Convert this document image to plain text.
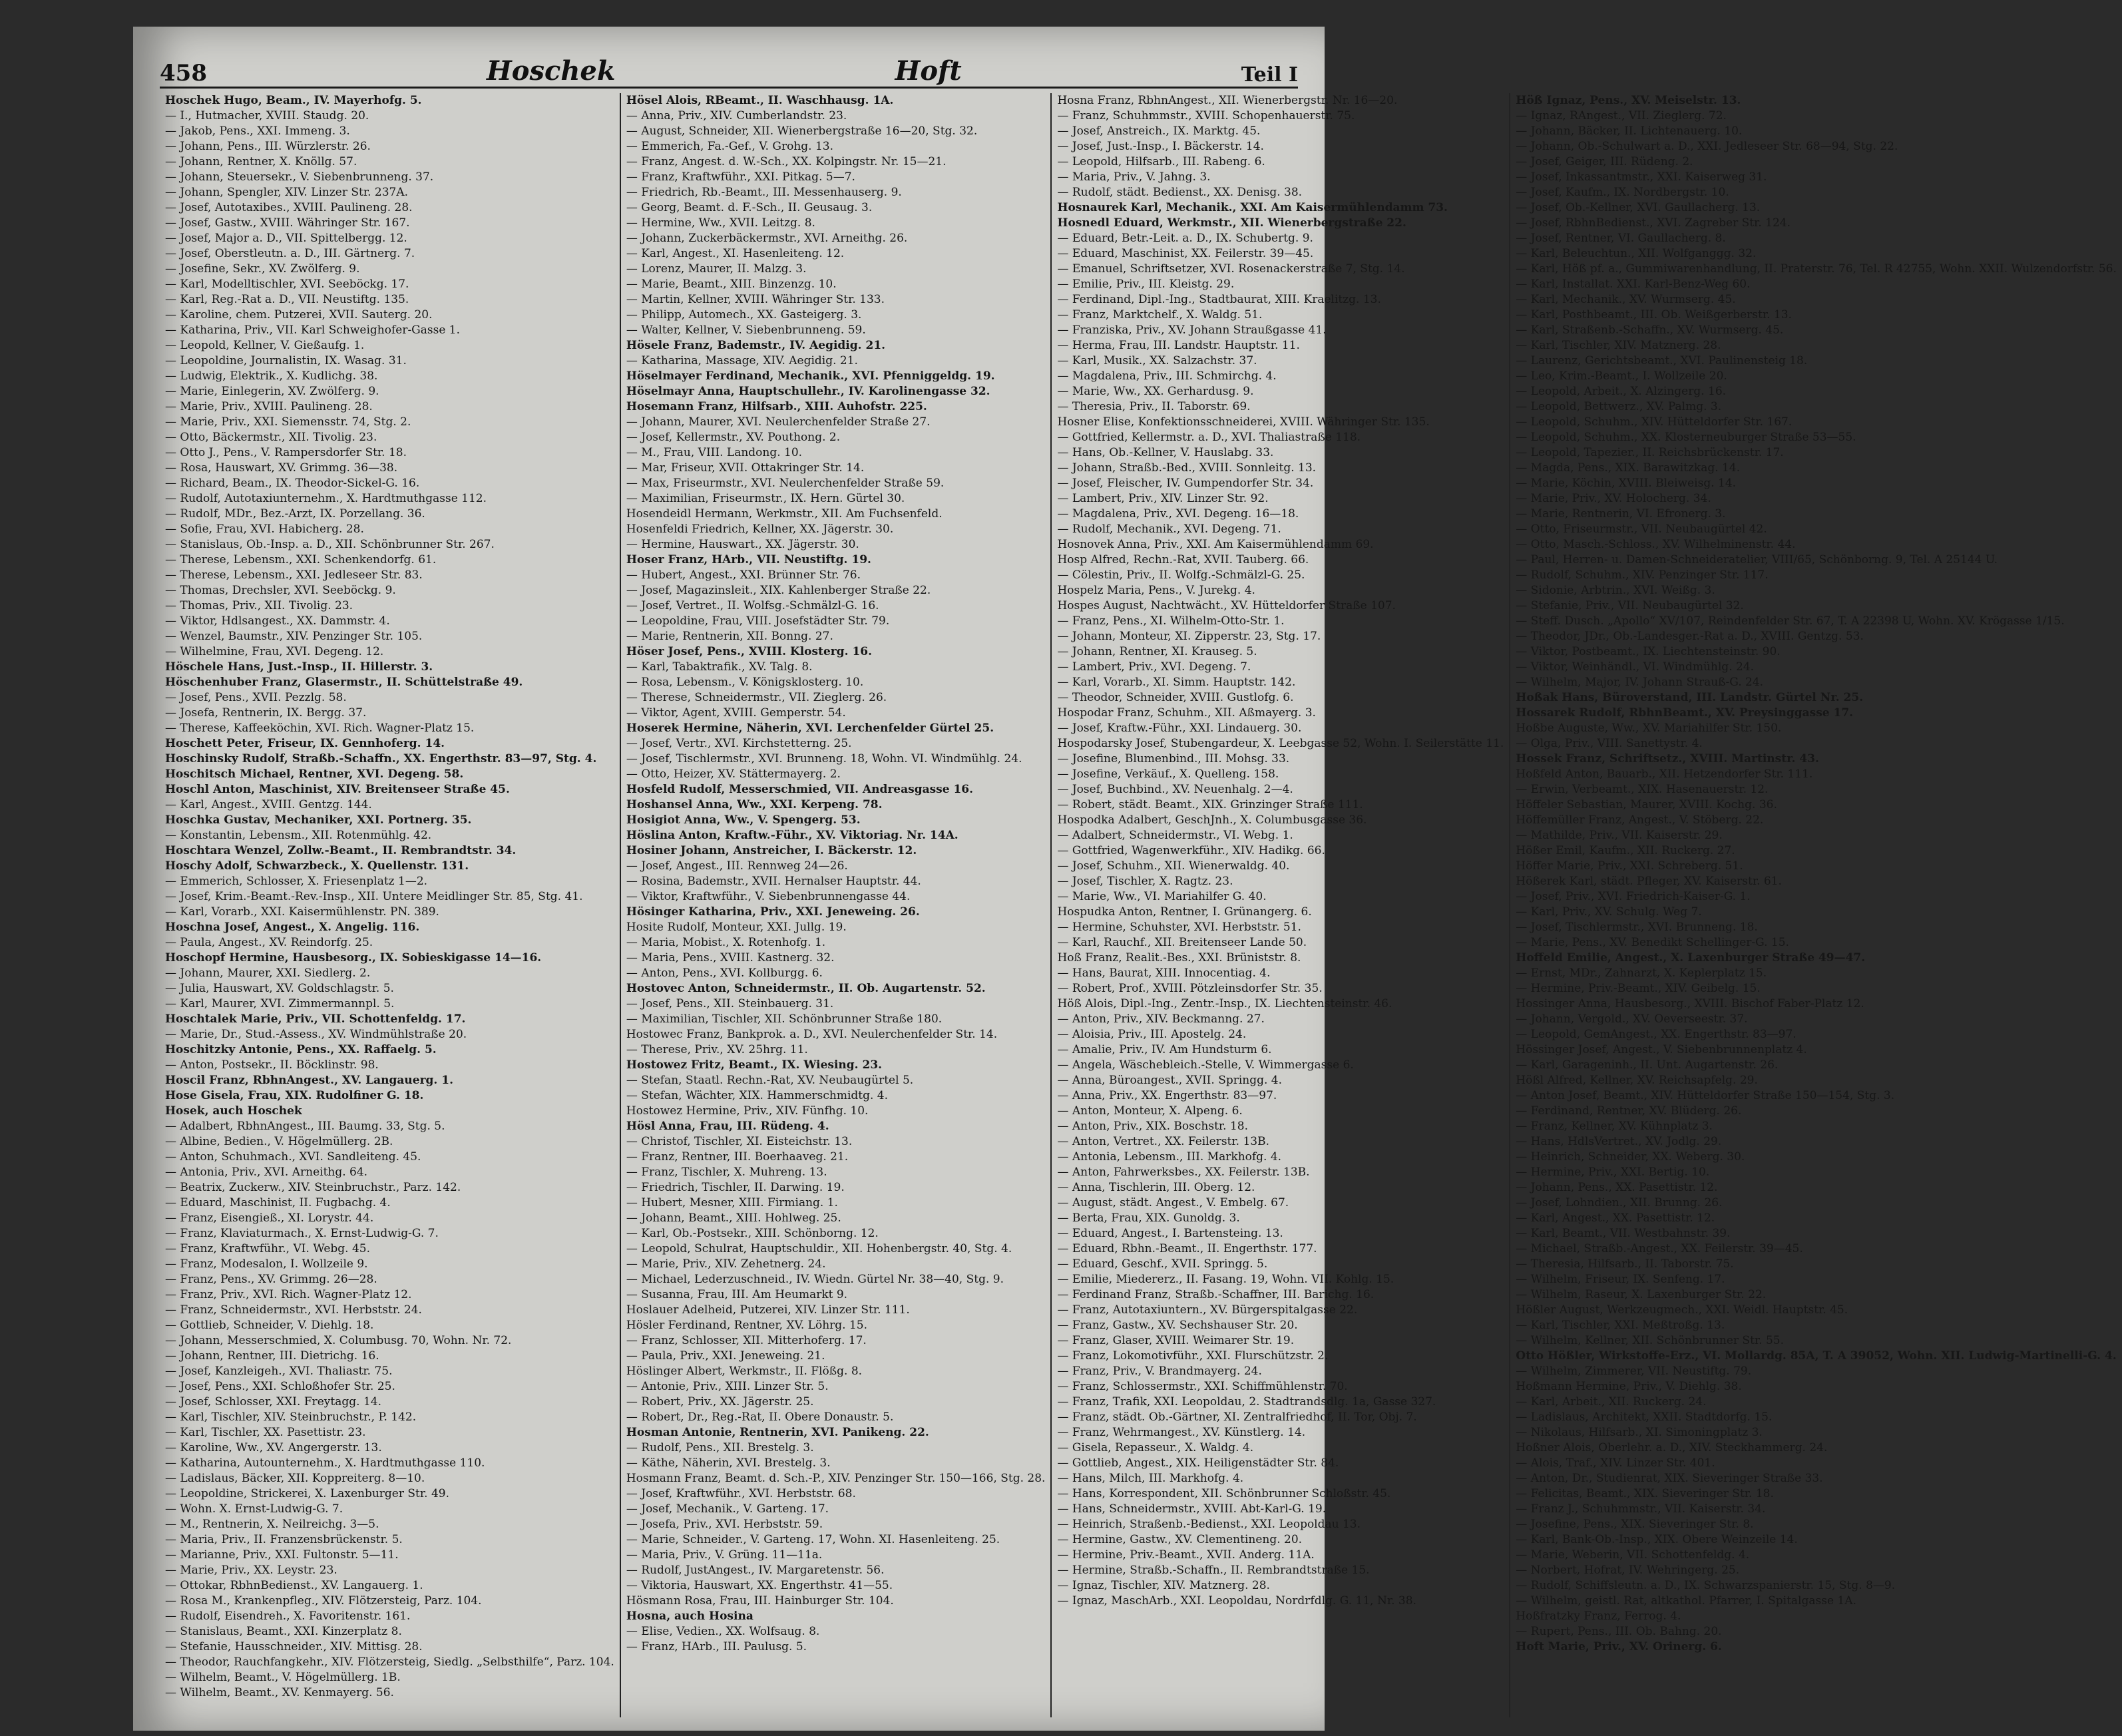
458	Hoschek	Hoft	Teil I
Hoschek Hugo, Beam., IV. Mayerhofg. 5.
— I., Hutmacher, XVIII. Staudg. 20.
— Jakob, Pens., XXI. Immeng. 3.
— Johann, Pens., III. Würzlerstr. 26.
— Johann, Rentner, X. Knöllg. 57.
— Johann, Steuersekr., V. Siebenbrunneng. 37.
— Johann, Spengler, XIV. Linzer Str. 237A.
— Josef, Autotaxibes., XVIII. Paulineng. 28.
— Josef, Gastw., XVIII. Währinger Str. 167.
— Josef, Major a. D., VII. Spittelbergg. 12.
— Josef, Oberstleutn. a. D., III. Gärtnerg. 7.
— Josefine, Sekr., XV. Zwölferg. 9.
— Karl, Modelltischler, XVI. Seeböckg. 17.
— Karl, Reg.-Rat a. D., VII. Neustiftg. 135.
— Karoline, chem. Putzerei, XVII. Sauterg. 20.
— Katharina, Priv., VII. Karl Schweighofer-Gasse 1.
— Leopold, Kellner, V. Gießaufg. 1.
— Leopoldine, Journalistin, IX. Wasag. 31.
— Ludwig, Elektrik., X. Kudlichg. 38.
— Marie, Einlegerin, XV. Zwölferg. 9.
— Marie, Priv., XVIII. Paulineng. 28.
— Marie, Priv., XXI. Siemensstr. 74, Stg. 2.
— Otto, Bäckermstr., XII. Tivolig. 23.
— Otto J., Pens., V. Rampersdorfer Str. 18.
— Rosa, Hauswart, XV. Grimmg. 36—38.
— Richard, Beam., IX. Theodor-Sickel-G. 16.
— Rudolf, Autotaxiunternehm., X. Hardtmuthgasse 112.
— Rudolf, MDr., Bez.-Arzt, IX. Porzellang. 36.
— Sofie, Frau, XVI. Habicherg. 28.
— Stanislaus, Ob.-Insp. a. D., XII. Schönbrunner Str. 267.
— Therese, Lebensm., XXI. Schenkendorfg. 61.
— Therese, Lebensm., XXI. Jedleseer Str. 83.
— Thomas, Drechsler, XVI. Seeböckg. 9.
— Thomas, Priv., XII. Tivolig. 23.
— Viktor, Hdlsangest., XX. Dammstr. 4.
— Wenzel, Baumstr., XIV. Penzinger Str. 105.
— Wilhelmine, Frau, XVI. Degeng. 12.
Höschele Hans, Just.-Insp., II. Hillerstr. 3.
Höschenhuber Franz, Glasermstr., II. Schüttelstraße 49.
— Josef, Pens., XVII. Pezzlg. 58.
— Josefa, Rentnerin, IX. Bergg. 37.
— Therese, Kaffeeköchin, XVI. Rich. Wagner-Platz 15.
Hoschett Peter, Friseur, IX. Gennhoferg. 14.
Hoschinsky Rudolf, Straßb.-Schaffn., XX. Engerthstr. 83—97, Stg. 4.
Hoschitsch Michael, Rentner, XVI. Degeng. 58.
Hoschl Anton, Maschinist, XIV. Breitenseer Straße 45.
— Karl, Angest., XVIII. Gentzg. 144.
Hoschka Gustav, Mechaniker, XXI. Portnerg. 35.
— Konstantin, Lebensm., XII. Rotenmühlg. 42.
Hoschtara Wenzel, Zollw.-Beamt., II. Rembrandtstr. 34.
Hoschy Adolf, Schwarzbeck., X. Quellenstr. 131.
— Emmerich, Schlosser, X. Friesenplatz 1—2.
— Josef, Krim.-Beamt.-Rev.-Insp., XII. Untere Meidlinger Str. 85, Stg. 41.
— Karl, Vorarb., XXI. Kaisermühlenstr. PN. 389.
Hoschna Josef, Angest., X. Angelig. 116.
— Paula, Angest., XV. Reindorfg. 25.
Hoschopf Hermine, Hausbesorg., IX. Sobieskigasse 14—16.
— Johann, Maurer, XXI. Siedlerg. 2.
— Julia, Hauswart, XV. Goldschlagstr. 5.
— Karl, Maurer, XVI. Zimmermannpl. 5.
Hoschtalek Marie, Priv., VII. Schottenfeldg. 17.
— Marie, Dr., Stud.-Assess., XV. Windmühlstraße 20.
Hoschitzky Antonie, Pens., XX. Raffaelg. 5.
— Anton, Postsekr., II. Böcklinstr. 98.
Hoscil Franz, RbhnAngest., XV. Langauerg. 1.
Hose Gisela, Frau, XIX. Rudolfiner G. 18.
Hosek, auch Hoschek
— Adalbert, RbhnAngest., III. Baumg. 33, Stg. 5.
— Albine, Bedien., V. Högelmüllerg. 2B.
— Anton, Schuhmach., XVI. Sandleiteng. 45.
— Antonia, Priv., XVI. Arneithg. 64.
— Beatrix, Zuckerw., XIV. Steinbruchstr., Parz. 142.
— Eduard, Maschinist, II. Fugbachg. 4.
— Franz, Eisengieß., XI. Lorystr. 44.
— Franz, Klaviaturmach., X. Ernst-Ludwig-G. 7.
— Franz, Kraftwführ., VI. Webg. 45.
— Franz, Modesalon, I. Wollzeile 9.
— Franz, Pens., XV. Grimmg. 26—28.
— Franz, Priv., XVI. Rich. Wagner-Platz 12.
— Franz, Schneidermstr., XVI. Herbststr. 24.
— Gottlieb, Schneider, V. Diehlg. 18.
— Johann, Messerschmied, X. Columbusg. 70, Wohn. Nr. 72.
— Johann, Rentner, III. Dietrichg. 16.
— Josef, Kanzleigeh., XVI. Thaliastr. 75.
— Josef, Pens., XXI. Schloßhofer Str. 25.
— Josef, Schlosser, XXI. Freytagg. 14.
— Karl, Tischler, XIV. Steinbruchstr., P. 142.
— Karl, Tischler, XX. Pasettistr. 23.
— Karoline, Ww., XV. Angergerstr. 13.
— Katharina, Autounternehm., X. Hardtmuthgasse 110.
— Ladislaus, Bäcker, XII. Koppreiterg. 8—10.
— Leopoldine, Strickerei, X. Laxenburger Str. 49.
— Wohn. X. Ernst-Ludwig-G. 7.
— M., Rentnerin, X. Neilreichg. 3—5.
— Maria, Priv., II. Franzensbrückenstr. 5.
— Marianne, Priv., XXI. Fultonstr. 5—11.
— Marie, Priv., XX. Leystr. 23.
— Ottokar, RbhnBedienst., XV. Langauerg. 1.
— Rosa M., Krankenpfleg., XIV. Flötzersteig, Parz. 104.
— Rudolf, Eisendreh., X. Favoritenstr. 161.
— Stanislaus, Beamt., XXI. Kinzerplatz 8.
— Stefanie, Hausschneider., XIV. Mittisg. 28.
— Theodor, Rauchfangkehr., XIV. Flötzersteig, Siedlg. „Selbsthilfe“, Parz. 104.
— Wilhelm, Beamt., V. Högelmüllerg. 1B.
— Wilhelm, Beamt., XV. Kenmayerg. 56.
Hösel Alois, RBeamt., II. Waschhausg. 1A.
— Anna, Priv., XIV. Cumberlandstr. 23.
— August, Schneider, XII. Wienerbergstraße 16—20, Stg. 32.
— Emmerich, Fa.-Gef., V. Grohg. 13.
— Franz, Angest. d. W.-Sch., XX. Kolpingstr. Nr. 15—21.
— Franz, Kraftwführ., XXI. Pitkag. 5—7.
— Friedrich, Rb.-Beamt., III. Messenhauserg. 9.
— Georg, Beamt. d. F.-Sch., II. Geusaug. 3.
— Hermine, Ww., XVII. Leitzg. 8.
— Johann, Zuckerbäckermstr., XVI. Arneithg. 26.
— Karl, Angest., XI. Hasenleiteng. 12.
— Lorenz, Maurer, II. Malzg. 3.
— Marie, Beamt., XIII. Binzenzg. 10.
— Martin, Kellner, XVIII. Währinger Str. 133.
— Philipp, Automech., XX. Gasteigerg. 3.
— Walter, Kellner, V. Siebenbrunneng. 59.
Hösele Franz, Bademstr., IV. Aegidig. 21.
— Katharina, Massage, XIV. Aegidig. 21.
Höselmayer Ferdinand, Mechanik., XVI. Pfenniggeldg. 19.
Höselmayr Anna, Hauptschullehr., IV. Karolinengasse 32.
Hosemann Franz, Hilfsarb., XIII. Auhofstr. 225.
— Johann, Maurer, XVI. Neulerchenfelder Straße 27.
— Josef, Kellermstr., XV. Pouthong. 2.
— M., Frau, VIII. Landong. 10.
— Mar, Friseur, XVII. Ottakringer Str. 14.
— Max, Friseurmstr., XVI. Neulerchenfelder Straße 59.
— Maximilian, Friseurmstr., IX. Hern. Gürtel 30.
Hosendeidl Hermann, Werkmstr., XII. Am Fuchsenfeld.
Hosenfeldi Friedrich, Kellner, XX. Jägerstr. 30.
— Hermine, Hauswart., XX. Jägerstr. 30.
Hoser Franz, HArb., VII. Neustiftg. 19.
— Hubert, Angest., XXI. Brünner Str. 76.
— Josef, Magazinsleit., XIX. Kahlenberger Straße 22.
— Josef, Vertret., II. Wolfsg.-Schmälzl-G. 16.
— Leopoldine, Frau, VIII. Josefstädter Str. 79.
— Marie, Rentnerin, XII. Bonng. 27.
Höser Josef, Pens., XVIII. Klosterg. 16.
— Karl, Tabaktrafik., XV. Talg. 8.
— Rosa, Lebensm., V. Königsklosterg. 10.
— Therese, Schneidermstr., VII. Zieglerg. 26.
— Viktor, Agent, XVIII. Gemperstr. 54.
Hoserek Hermine, Näherin, XVI. Lerchenfelder Gürtel 25.
— Josef, Vertr., XVI. Kirchstetterng. 25.
— Josef, Tischlermstr., XVI. Brunneng. 18, Wohn. VI. Windmühlg. 24.
— Otto, Heizer, XV. Stättermayerg. 2.
Hosfeld Rudolf, Messerschmied, VII. Andreasgasse 16.
Hoshansel Anna, Ww., XXI. Kerpeng. 78.
Hosigiot Anna, Ww., V. Spengerg. 53.
Höslina Anton, Kraftw.-Führ., XV. Viktoriag. Nr. 14A.
Hosiner Johann, Anstreicher, I. Bäckerstr. 12.
— Josef, Angest., III. Rennweg 24—26.
— Rosina, Bademstr., XVII. Hernalser Hauptstr. 44.
— Viktor, Kraftwführ., V. Siebenbrunnengasse 44.
Hösinger Katharina, Priv., XXI. Jeneweing. 26.
Hosite Rudolf, Monteur, XXI. Jullg. 19.
— Maria, Mobist., X. Rotenhofg. 1.
— Maria, Pens., XVIII. Kastnerg. 32.
— Anton, Pens., XVI. Kollburgg. 6.
Hostovec Anton, Schneidermstr., II. Ob. Augartenstr. 52.
— Josef, Pens., XII. Steinbauerg. 31.
— Maximilian, Tischler, XII. Schönbrunner Straße 180.
Hostowec Franz, Bankprok. a. D., XVI. Neulerchenfelder Str. 14.
— Therese, Priv., XV. 25hrg. 11.
Hostowez Fritz, Beamt., IX. Wiesing. 23.
— Stefan, Staatl. Rechn.-Rat, XV. Neubaugürtel 5.
— Stefan, Wächter, XIX. Hammerschmidtg. 4.
Hostowez Hermine, Priv., XIV. Fünfhg. 10.
Hösl Anna, Frau, III. Rüdeng. 4.
— Christof, Tischler, XI. Eisteichstr. 13.
— Franz, Rentner, III. Boerhaaveg. 21.
— Franz, Tischler, X. Muhreng. 13.
— Friedrich, Tischler, II. Darwing. 19.
— Hubert, Mesner, XIII. Firmiang. 1.
— Johann, Beamt., XIII. Hohlweg. 25.
— Karl, Ob.-Postsekr., XIII. Schönborng. 12.
— Leopold, Schulrat, Hauptschuldir., XII. Hohenbergstr. 40, Stg. 4.
— Marie, Priv., XIV. Zehetnerg. 24.
— Michael, Lederzuschneid., IV. Wiedn. Gürtel Nr. 38—40, Stg. 9.
— Susanna, Frau, III. Am Heumarkt 9.
Hoslauer Adelheid, Putzerei, XIV. Linzer Str. 111.
Hösler Ferdinand, Rentner, XV. Löhrg. 15.
— Franz, Schlosser, XII. Mitterhoferg. 17.
— Paula, Priv., XXI. Jeneweing. 21.
Höslinger Albert, Werkmstr., II. Flößg. 8.
— Antonie, Priv., XIII. Linzer Str. 5.
— Robert, Priv., XX. Jägerstr. 25.
— Robert, Dr., Reg.-Rat, II. Obere Donaustr. 5.
Hosman Antonie, Rentnerin, XVI. Panikeng. 22.
— Rudolf, Pens., XII. Brestelg. 3.
— Käthe, Näherin, XVI. Brestelg. 3.
Hosmann Franz, Beamt. d. Sch.-P., XIV. Penzinger Str. 150—166, Stg. 28.
— Josef, Kraftwführ., XVI. Herbststr. 68.
— Josef, Mechanik., V. Garteng. 17.
— Josefa, Priv., XVI. Herbststr. 59.
— Marie, Schneider., V. Garteng. 17, Wohn. XI. Hasenleiteng. 25.
— Maria, Priv., V. Grüng. 11—11a.
— Rudolf, JustAngest., IV. Margaretenstr. 56.
— Viktoria, Hauswart, XX. Engerthstr. 41—55.
Hösmann Rosa, Frau, III. Hainburger Str. 104.
Hosna, auch Hosina
— Elise, Vedien., XX. Wolfsaug. 8.
— Franz, HArb., III. Paulusg. 5.
Hosna Franz, RbhnAngest., XII. Wienerbergstr. Nr. 16—20.
— Franz, Schuhmmstr., XVIII. Schopenhauerstr. 75.
— Josef, Anstreich., IX. Marktg. 45.
— Josef, Just.-Insp., I. Bäckerstr. 14.
— Leopold, Hilfsarb., III. Rabeng. 6.
— Maria, Priv., V. Jahng. 3.
— Rudolf, städt. Bedienst., XX. Denisg. 38.
Hosnaurek Karl, Mechanik., XXI. Am Kaisermühlendamm 73.
Hosnedl Eduard, Werkmstr., XII. Wienerbergstraße 22.
— Eduard, Betr.-Leit. a. D., IX. Schubertg. 9.
— Eduard, Maschinist, XX. Feilerstr. 39—45.
— Emanuel, Schriftsetzer, XVI. Rosenackerstraße 7, Stg. 14.
— Emilie, Priv., III. Kleistg. 29.
— Ferdinand, Dipl.-Ing., Stadtbaurat, XIII. Kraelitzg. 13.
— Franz, Marktchelf., X. Waldg. 51.
— Franziska, Priv., XV. Johann Straußgasse 41.
— Herma, Frau, III. Landstr. Hauptstr. 11.
— Karl, Musik., XX. Salzachstr. 37.
— Magdalena, Priv., III. Schmirchg. 4.
— Marie, Ww., XX. Gerhardusg. 9.
— Theresia, Priv., II. Taborstr. 69.
Hosner Elise, Konfektionsschneiderei, XVIII. Währinger Str. 135.
— Gottfried, Kellermstr. a. D., XVI. Thaliastraße 118.
— Hans, Ob.-Kellner, V. Hauslabg. 33.
— Johann, Straßb.-Bed., XVIII. Sonnleitg. 13.
— Josef, Fleischer, IV. Gumpendorfer Str. 34.
— Lambert, Priv., XIV. Linzer Str. 92.
— Magdalena, Priv., XVI. Degeng. 16—18.
— Rudolf, Mechanik., XVI. Degeng. 71.
Hosnovek Anna, Priv., XXI. Am Kaisermühlendamm 69.
Hosp Alfred, Rechn.-Rat, XVII. Tauberg. 66.
— Cölestin, Priv., II. Wolfg.-Schmälzl-G. 25.
Hospelz Maria, Pens., V. Jurekg. 4.
Hospes August, Nachtwächt., XV. Hütteldorfer Straße 107.
— Franz, Pens., XI. Wilhelm-Otto-Str. 1.
— Johann, Monteur, XI. Zipperstr. 23, Stg. 17.
— Johann, Rentner, XI. Krauseg. 5.
— Lambert, Priv., XVI. Degeng. 7.
— Karl, Vorarb., XI. Simm. Hauptstr. 142.
— Theodor, Schneider, XVIII. Gustlofg. 6.
Hospodar Franz, Schuhm., XII. Aßmayerg. 3.
— Josef, Kraftw.-Führ., XXI. Lindauerg. 30.
Hospodarsky Josef, Stubengardeur, X. Leebgasse 52, Wohn. I. Seilerstätte 11.
— Josefine, Blumenbind., III. Mohsg. 33.
— Josefine, Verkäuf., X. Quelleng. 158.
— Josef, Buchbind., XV. Neuenhalg. 2—4.
— Robert, städt. Beamt., XIX. Grinzinger Straße 111.
Hospodka Adalbert, GeschJnh., X. Columbusgasse 36.
— Adalbert, Schneidermstr., VI. Webg. 1.
— Gottfried, Wagenwerkführ., XIV. Hadikg. 66.
— Josef, Schuhm., XII. Wienerwaldg. 40.
— Josef, Tischler, X. Ragtz. 23.
— Marie, Ww., VI. Mariahilfer G. 40.
Hospudka Anton, Rentner, I. Grünangerg. 6.
— Hermine, Schuhster, XVI. Herbststr. 51.
— Karl, Rauchf., XII. Breitenseer Lande 50.
Hoß Franz, Realit.-Bes., XXI. Brüniststr. 8.
— Hans, Baurat, XIII. Innocentiag. 4.
— Robert, Prof., XVIII. Pötzleinsdorfer Str. 35.
Höß Alois, Dipl.-Ing., Zentr.-Insp., IX. Liechtensteinstr. 46.
— Anton, Priv., XIV. Beckmanng. 27.
— Aloisia, Priv., III. Apostelg. 24.
— Amalie, Priv., IV. Am Hundsturm 6.
— Angela, Wäschebleich.-Stelle, V. Wimmergasse 6.
— Anna, Büroangest., XVII. Springg. 4.
— Anna, Priv., XX. Engerthstr. 83—97.
— Anton, Monteur, X. Alpeng. 6.
— Anton, Priv., XIX. Boschstr. 18.
— Anton, Vertret., XX. Feilerstr. 13B.
— Antonia, Lebensm., III. Markhofg. 4.
— Anton, Fahrwerksbes., XX. Feilerstr. 13B.
— Anna, Tischlerin, III. Oberg. 12.
— August, städt. Angest., V. Embelg. 67.
— Berta, Frau, XIX. Gunoldg. 3.
— Eduard, Angest., I. Bartensteing. 13.
— Eduard, Rbhn.-Beamt., II. Engerthstr. 177.
— Eduard, Geschf., XVII. Springg. 5.
— Emilie, Miedererz., II. Fasang. 19, Wohn. VII. Kohlg. 15.
— Ferdinand Franz, Straßb.-Schaffner, III. Barichg. 16.
— Franz, Autotaxiuntern., XV. Bürgerspitalgasse 22.
— Franz, Gastw., XV. Sechshauser Str. 20.
— Franz, Glaser, XVIII. Weimarer Str. 19.
— Franz, Lokomotivführ., XXI. Flurschützstr. 2.
— Franz, Priv., V. Brandmayerg. 24.
— Franz, Schlossermstr., XXI. Schiffmühlenstr. 70.
— Franz, Trafik, XXI. Leopoldau, 2. Stadtrandsdlg. 1a, Gasse 327.
— Franz, städt. Ob.-Gärtner, XI. Zentralfriedhof, II. Tor, Obj. 7.
— Franz, Wehrmangest., XV. Künstlerg. 14.
— Gisela, Repasseur., X. Waldg. 4.
— Gottlieb, Angest., XIX. Heiligenstädter Str. 84.
— Hans, Milch, III. Markhofg. 4.
— Hans, Korrespondent, XII. Schönbrunner Schloßstr. 45.
— Hans, Schneidermstr., XVIII. Abt-Karl-G. 19.
— Heinrich, Straßenb.-Bedienst., XXI. Leopoldau 13.
— Hermine, Gastw., XV. Clementineng. 20.
— Hermine, Priv.-Beamt., XVII. Anderg. 11A.
— Hermine, Straßb.-Schaffn., II. Rembrandtstraße 15.
— Ignaz, Tischler, XIV. Matznerg. 28.
— Ignaz, MaschArb., XXI. Leopoldau, Nordrfdlg. G. 11, Nr. 38.
Höß Ignaz, Pens., XV. Meiselstr. 13.
— Ignaz, RAngest., VII. Zieglerg. 72.
— Johann, Bäcker, II. Lichtenauerg. 10.
— Johann, Ob.-Schulwart a. D., XXI. Jedleseer Str. 68—94, Stg. 22.
— Josef, Geiger, III. Rüdeng. 2.
— Josef, Inkassantmstr., XXI. Kaiserweg 31.
— Josef, Kaufm., IX. Nordbergstr. 10.
— Josef, Ob.-Kellner, XVI. Gaullacherg. 13.
— Josef, RbhnBedienst., XVI. Zagreber Str. 124.
— Josef, Rentner, VI. Gaullacherg. 8.
— Karl, Beleuchtun., XII. Wolfganggg. 32.
— Karl, Höß pf. a., Gummiwarenhandlung, II. Praterstr. 76, Tel. R 42755, Wohn. XXII. Wulzendorfstr. 56.
— Karl, Installat. XXI. Karl-Benz-Weg 60.
— Karl, Mechanik., XV. Wurmserg. 45.
— Karl, Posthbeamt., III. Ob. Weißgerberstr. 13.
— Karl, Straßenb.-Schaffn., XV. Wurmserg. 45.
— Karl, Tischler, XIV. Matznerg. 28.
— Laurenz, Gerichtsbeamt., XVI. Paulinensteig 18.
— Leo, Krim.-Beamt., I. Wollzeile 20.
— Leopold, Arbeit., X. Alzingerg. 16.
— Leopold, Bettwerz., XV. Palmg. 3.
— Leopold, Schuhm., XIV. Hütteldorfer Str. 167.
— Leopold, Schuhm., XX. Klosterneuburger Straße 53—55.
— Leopold, Tapezier., II. Reichsbrückenstr. 17.
— Magda, Pens., XIX. Barawitzkag. 14.
— Marie, Köchin, XVIII. Bleiweisg. 14.
— Marie, Priv., XV. Holocherg. 34.
— Marie, Rentnerin, VI. Efronerg. 3.
— Otto, Friseurmstr., VII. Neubaugürtel 42.
— Otto, Masch.-Schloss., XV. Wilhelminenstr. 44.
— Paul, Herren- u. Damen-Schneideratelier, VIII/65, Schönborng. 9, Tel. A 25144 U.
— Rudolf, Schuhm., XIV. Penzinger Str. 117.
— Sidonie, Arbtrin., XVI. Weißg. 3.
— Stefanie, Priv., VII. Neubaugürtel 32.
— Steff. Dusch. „Apollo“ XV/107, Reindenfelder Str. 67, T. A 22398 U, Wohn. XV. Krögasse 1/15.
— Theodor, JDr., Ob.-Landesger.-Rat a. D., XVIII. Gentzg. 53.
— Viktor, Postbeamt., IX. Liechtensteinstr. 90.
— Viktor, Weinhändl., VI. Windmühlg. 24.
— Wilhelm, Major, IV. Johann Strauß-G. 24.
Hoßak Hans, Büroverstand, III. Landstr. Gürtel Nr. 25.
Hossarek Rudolf, RbhnBeamt., XV. Preysinggasse 17.
Hoßbe Auguste, Ww., XV. Mariahilfer Str. 150.
— Olga, Priv., VIII. Sanettystr. 4.
Hossek Franz, Schriftsetz., XVIII. Martinstr. 43.
Hoßfeld Anton, Bauarb., XII. Hetzendorfer Str. 111.
— Erwin, Verbeamt., XIX. Hasenauerstr. 12.
Höffeler Sebastian, Maurer, XVIII. Kochg. 36.
Höffemüller Franz, Angest., V. Stöberg. 22.
— Mathilde, Priv., VII. Kaiserstr. 29.
Hößer Emil, Kaufm., XII. Ruckerg. 27.
Höffer Marie, Priv., XXI. Schreberg. 51.
Hößerek Karl, städt. Pfleger, XV. Kaiserstr. 61.
— Josef, Priv., XVI. Friedrich-Kaiser-G. 1.
— Karl, Priv., XV. Schulg. Weg 7.
— Josef, Tischlermstr., XVI. Brunneng. 18.
— Marie, Pens., XV. Benedikt Schellinger-G. 15.
Hoffeld Emilie, Angest., X. Laxenburger Straße 49—47.
— Ernst, MDr., Zahnarzt, X. Keplerplatz 15.
— Hermine, Priv.-Beamt., XIV. Geibelg. 15.
Hossinger Anna, Hausbesorg., XVIII. Bischof Faber-Platz 12.
— Johann, Vergold., XV. Oeverseestr. 37.
— Leopold, GemAngest., XX. Engerthstr. 83—97.
Hössinger Josef, Angest., V. Siebenbrunnenplatz 4.
— Karl, Garageninh., II. Unt. Augartenstr. 26.
Hößl Alfred, Kellner, XV. Reichsapfelg. 29.
— Anton Josef, Beamt., XIV. Hütteldorfer Straße 150—154, Stg. 3.
— Ferdinand, Rentner, XV. Blüderg. 26.
— Franz, Kellner, XV. Kühnplatz 3.
— Hans, HdlsVertret., XV. Jodlg. 29.
— Heinrich, Schneider, XX. Weberg. 30.
— Hermine, Priv., XXI. Bertig. 10.
— Johann, Pens., XX. Pasettistr. 12.
— Josef, Lohndien., XII. Brunng. 26.
— Karl, Angest., XX. Pasettistr. 12.
— Karl, Beamt., VII. Westbahnstr. 39.
— Michael, Straßb.-Angest., XX. Feilerstr. 39—45.
— Theresia, Hilfsarb., II. Taborstr. 75.
— Wilhelm, Friseur, IX. Senfeng. 17.
— Wilhelm, Raseur, X. Laxenburger Str. 22.
Hößler August, Werkzeugmech., XXI. Weidl. Hauptstr. 45.
— Karl, Tischler, XXI. Meßtroßg. 13.
— Wilhelm, Kellner, XII. Schönbrunner Str. 55.
Otto Hößler, Wirkstoffe-Erz., VI. Mollardg. 85A, T. A 39052, Wohn. XII. Ludwig-Martinelli-G. 4.
— Wilhelm, Zimmerer, VII. Neustiftg. 79.
Hoßmann Hermine, Priv., V. Diehlg. 38.
— Karl, Arbeit., XII. Ruckerg. 24.
— Ladislaus, Architekt, XXII. Stadtdorfg. 15.
— Nikolaus, Hilfsarb., XI. Simoningplatz 3.
Hoßner Alois, Oberlehr. a. D., XIV. Steckhammerg. 24.
— Alois, Traf., XIV. Linzer Str. 401.
— Anton, Dr., Studienrat, XIX. Sieveringer Straße 33.
— Felicitas, Beamt., XIX. Sieveringer Str. 18.
— Franz J., Schuhmmstr., VII. Kaiserstr. 34.
— Josefine, Pens., XIX. Sieveringer Str. 8.
— Karl, Bank-Ob.-Insp., XIX. Obere Weinzeile 14.
— Marie, Weberin, VII. Schottenfeldg. 4.
— Norbert, Hofrat, IV. Wehringerg. 25.
— Rudolf, Schiffsleutn. a. D., IX. Schwarzspanierstr. 15, Stg. 8—9.
— Wilhelm, geistl. Rat, altkathol. Pfarrer, I. Spitalgasse 1A.
Hoßfratzky Franz, Ferrog. 4.
— Rupert, Pens., III. Ob. Bahng. 20.
Hoft Marie, Priv., XV. Orinerg. 6.
